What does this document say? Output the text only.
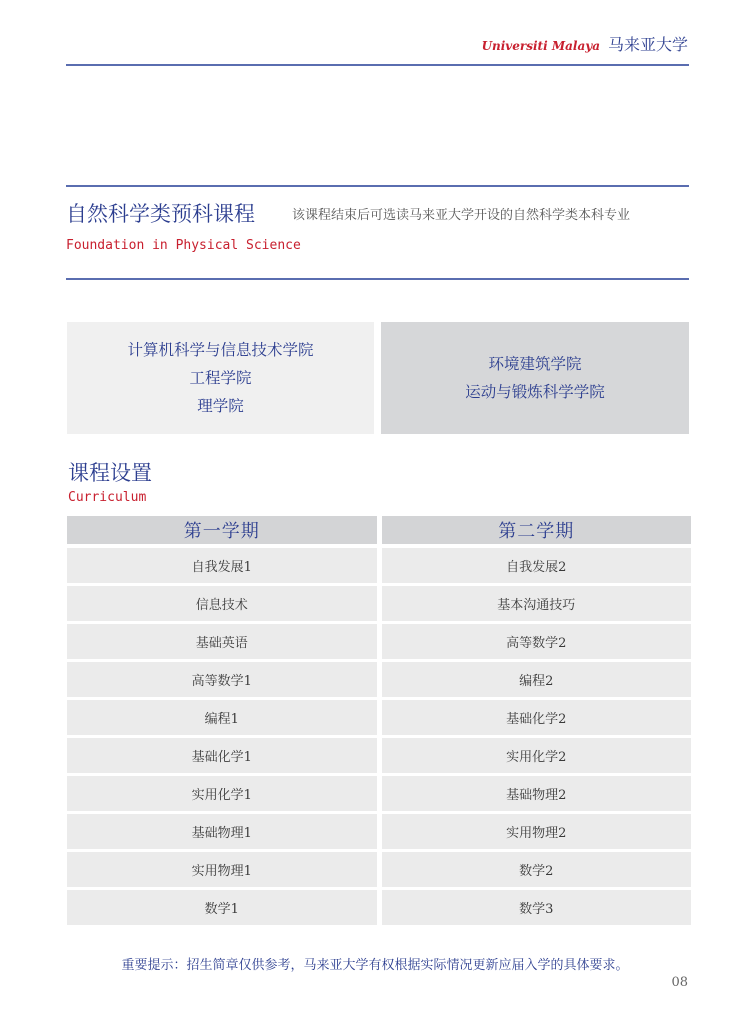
Universiti Malaya 马来亚大学
自然科学类预科课程	该课程结束后可选读马来亚大学开设的自然科学类本科专业
Foundation in Physical Science
计算机科学与信息技术学院
工程学院
理学院
环境建筑学院
运动与锻炼科学学院
课程设置
Curriculum
第一学期	第二学期
自我发展1	自我发展2
信息技术	基本沟通技巧
基础英语	高等数学2
高等数学1	编程2
编程1	基础化学2
基础化学1	实用化学2
实用化学1	基础物理2
基础物理1	实用物理2
实用物理1	数学2
数学1	数学3
重要提示：招生简章仅供参考，马来亚大学有权根据实际情况更新应届入学的具体要求。
08
